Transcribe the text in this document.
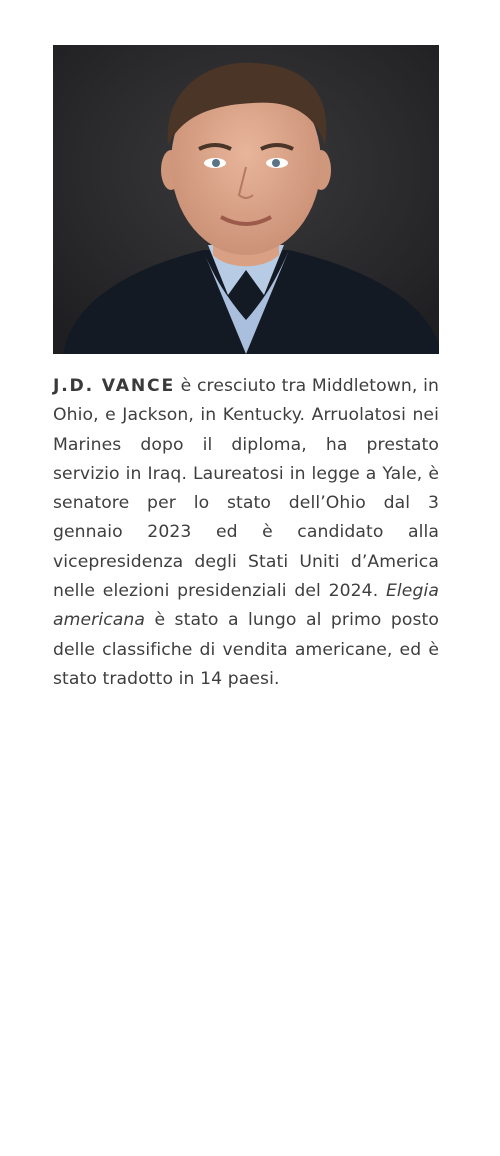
J.D. VANCE è cresciuto tra Middletown, in Ohio, e Jackson, in Kentucky. Arruolatosi nei Marines dopo il diploma, ha prestato servizio in Iraq. Laureatosi in legge a Yale, è senatore per lo stato dell’Ohio dal 3 gennaio 2023 ed è candidato alla vicepresidenza degli Stati Uniti d’America nelle elezioni presidenziali del 2024. Elegia americana è stato a lungo al primo posto delle classifiche di vendita americane, ed è stato tradotto in 14 paesi.
